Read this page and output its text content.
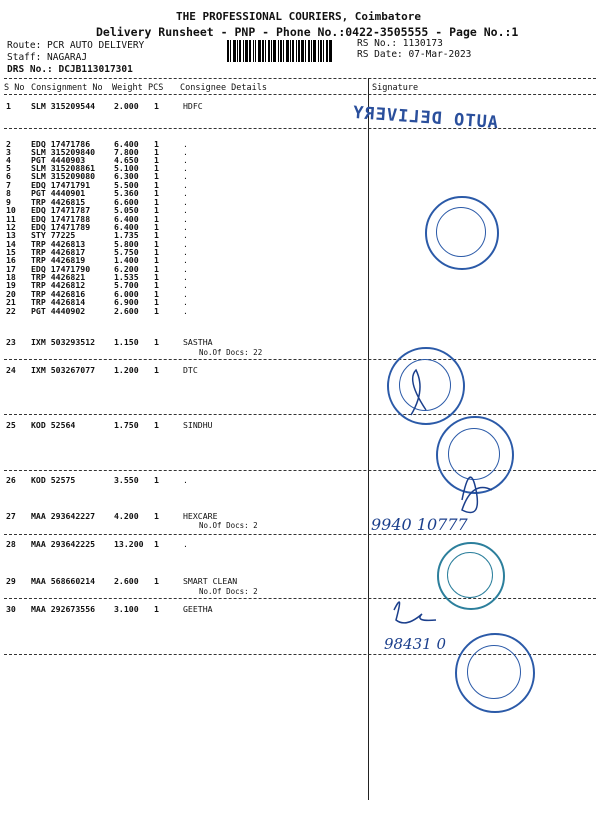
THE PROFESSIONAL COURIERS, Coimbatore
Delivery Runsheet - PNP - Phone No.:0422-3505555 - Page No.:1
Route: PCR AUTO DELIVERY
Staff: NAGARAJ
DRS No.: DCJB113017301
RS No.: 1130173
RS Date: 07-Mar-2023
S No Consignment No Weight PCS Consignee Details	Signature
1 SLM 315209544 2.000 1	HDFC
2 EDQ 17471786	6.400 1	.
3 SLM 315209840 7.800 1	.
4 PGT 4440903	4.650 1	.
5 SLM 315208861 5.100 1	.
6 SLM 315209080 6.300 1	.
7 EDQ 17471791	5.500 1	.
8 PGT 4440901	5.360 1	.
9 TRP 4426815	6.600 1	.
10 EDQ 17471787	5.050 1	.
11 EDQ 17471788	6.400 1	.
12 EDQ 17471789	6.400 1	.
13 STY 77225	1.735 1	.
14 TRP 4426813	5.800 1	.
15 TRP 4426817	5.750 1	.
16 TRP 4426819	1.400 1	.
17 EDQ 17471790	6.200 1	.
18 TRP 4426821	1.535 1	.
19 TRP 4426812	5.700 1	.
20 TRP 4426816	6.000 1	.
21 TRP 4426814	6.900 1	.
22 PGT 4440902	2.600 1	.
23 IXM 503293512 1.150 1	SASTHA
24 IXM 503267077 1.200 1	DTC
25 KOD 52564	1.750 1	SINDHU
26 KOD 52575	3.550 1	.
27 MAA 293642227 4.200 1	HEXCARE
28 MAA 293642225 13.200 1	.
29 MAA 568660214 2.600 1	SMART CLEAN
30 MAA 292673556 3.100 1	GEETHA
No.Of Docs: 22
No.Of Docs: 2
No.Of Docs: 2
AUTO DELIVERY
9940 10777
98431 0
